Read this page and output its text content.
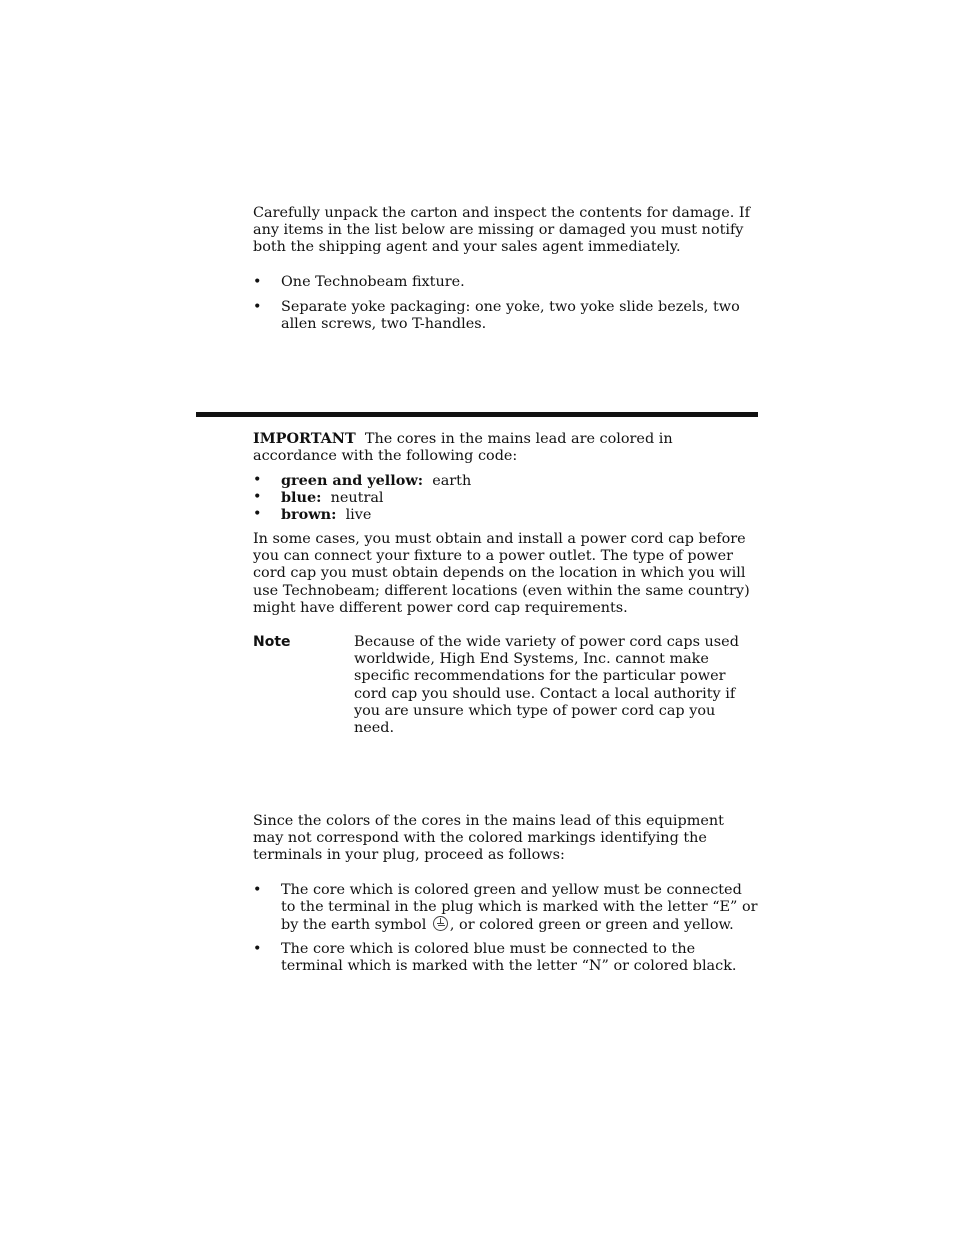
Carefully unpack the carton and inspect the contents for damage. If any items in the list below are missing or damaged you must notify both the shipping agent and your sales agent immediately.

• One Technobeam fixture.
• Separate yoke packaging: one yoke, two yoke slide bezels, two allen screws, two T-handles.

IMPORTANT The cores in the mains lead are colored in accordance with the following code:

• green and yellow: earth
• blue: neutral
• brown: live

In some cases, you must obtain and install a power cord cap before you can connect your fixture to a power outlet. The type of power cord cap you must obtain depends on the location in which you will use Technobeam; different locations (even within the same country) might have different power cord cap requirements.

Note	Because of the wide variety of power cord caps used worldwide, High End Systems, Inc. cannot make specific recommendations for the particular power cord cap you should use. Contact a local authority if you are unsure which type of power cord cap you need.

Since the colors of the cores in the mains lead of this equipment may not correspond with the colored markings identifying the terminals in your plug, proceed as follows:

• The core which is colored green and yellow must be connected to the terminal in the plug which is marked with the letter “E” or by the earth symbol , or colored green or green and yellow.
• The core which is colored blue must be connected to the terminal which is marked with the letter “N” or colored black.
